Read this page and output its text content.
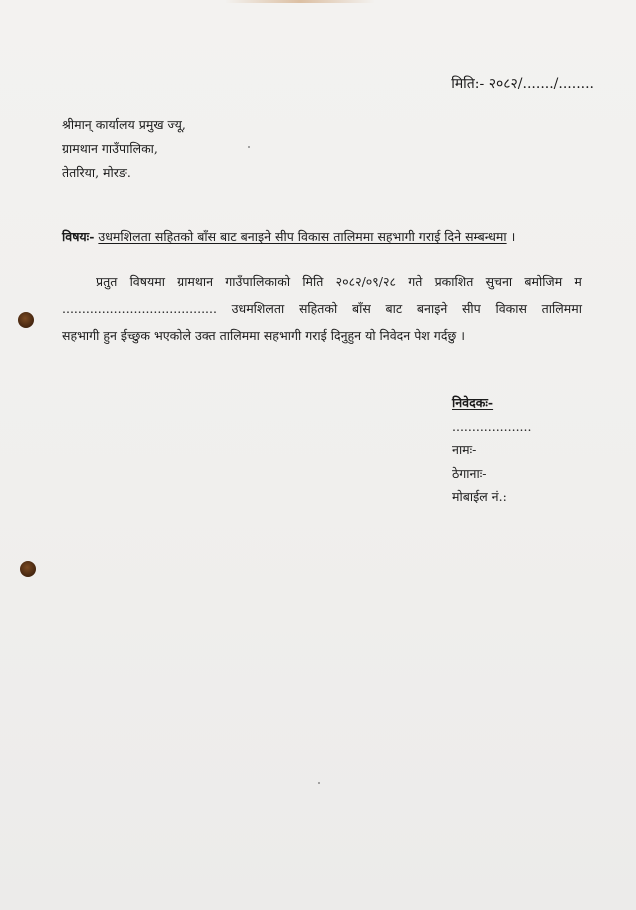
मिति:- २०८२/......./........
श्रीमान् कार्यालय प्रमुख ज्यू,
ग्रामथान गाउँपालिका,
तेतरिया, मोरङ.
विषयः- उधमशिलता सहितको बाँस बाट बनाइने सीप विकास तालिममा सहभागी गराई दिने सम्बन्धमा ।
प्रतुत विषयमा ग्रामथान गाउँपालिकाको मिति २०८२/०९/२८ गते प्रकाशित सुचना बमोजिम म
....................................... उधमशिलता सहितको बाँस बाट बनाइने सीप विकास तालिममा
सहभागी हुन ईच्छुक भएकोले उक्त तालिममा सहभागी गराई दिनुहुन यो निवेदन पेश गर्दछु ।
निवेदकः-
....................
नामः-
ठेगानाः-
मोबाईल नं.:
